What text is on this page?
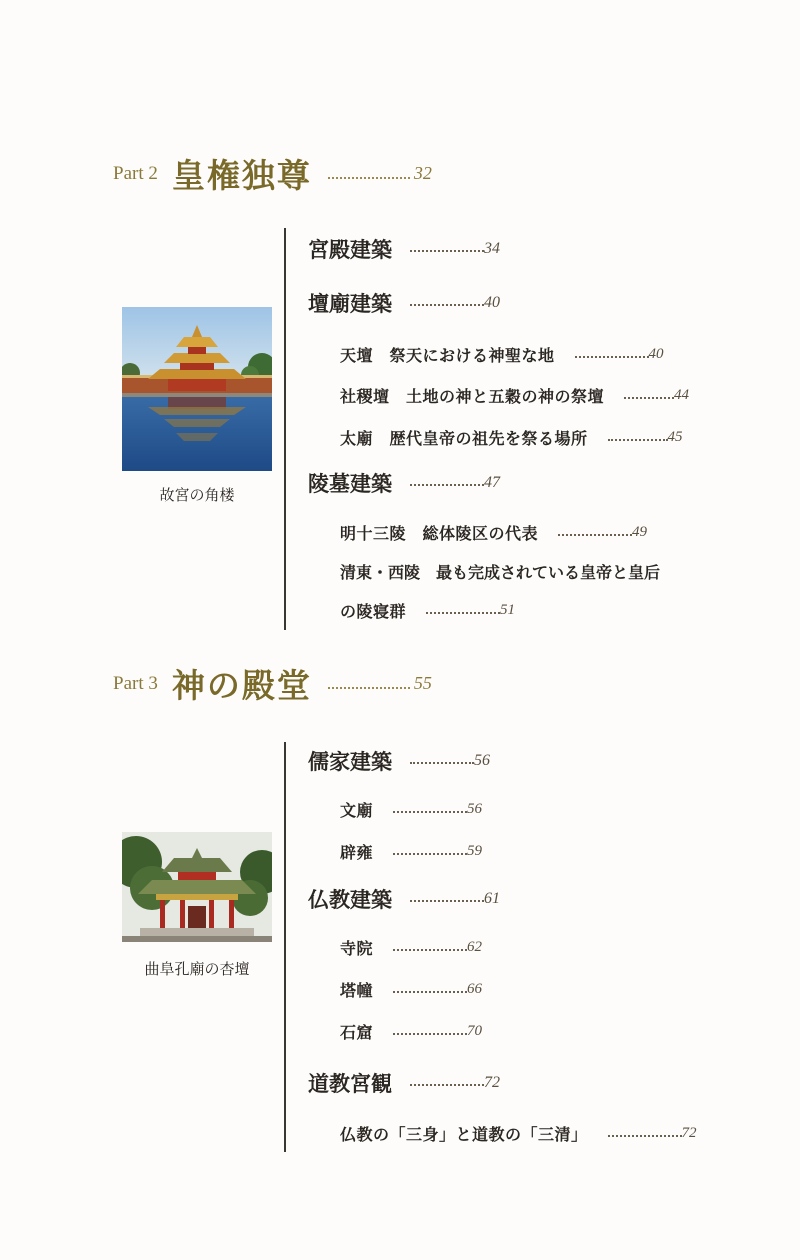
Part 2 皇権独尊	32
故宮の角楼
宮殿建築	34
壇廟建築	40
天壇　祭天における神聖な地	40
社稷壇　土地の神と五穀の神の祭壇	44
太廟　歴代皇帝の祖先を祭る場所	45
陵墓建築	47
明十三陵　総体陵区の代表	49
清東・西陵　最も完成されている皇帝と皇后
の陵寝群	51
Part 3 神の殿堂	55
曲阜孔廟の杏壇
儒家建築	56
文廟	56
辟雍	59
仏教建築	61
寺院	62
塔幢	66
石窟	70
道教宮観	72
仏教の「三身」と道教の「三清」	72
